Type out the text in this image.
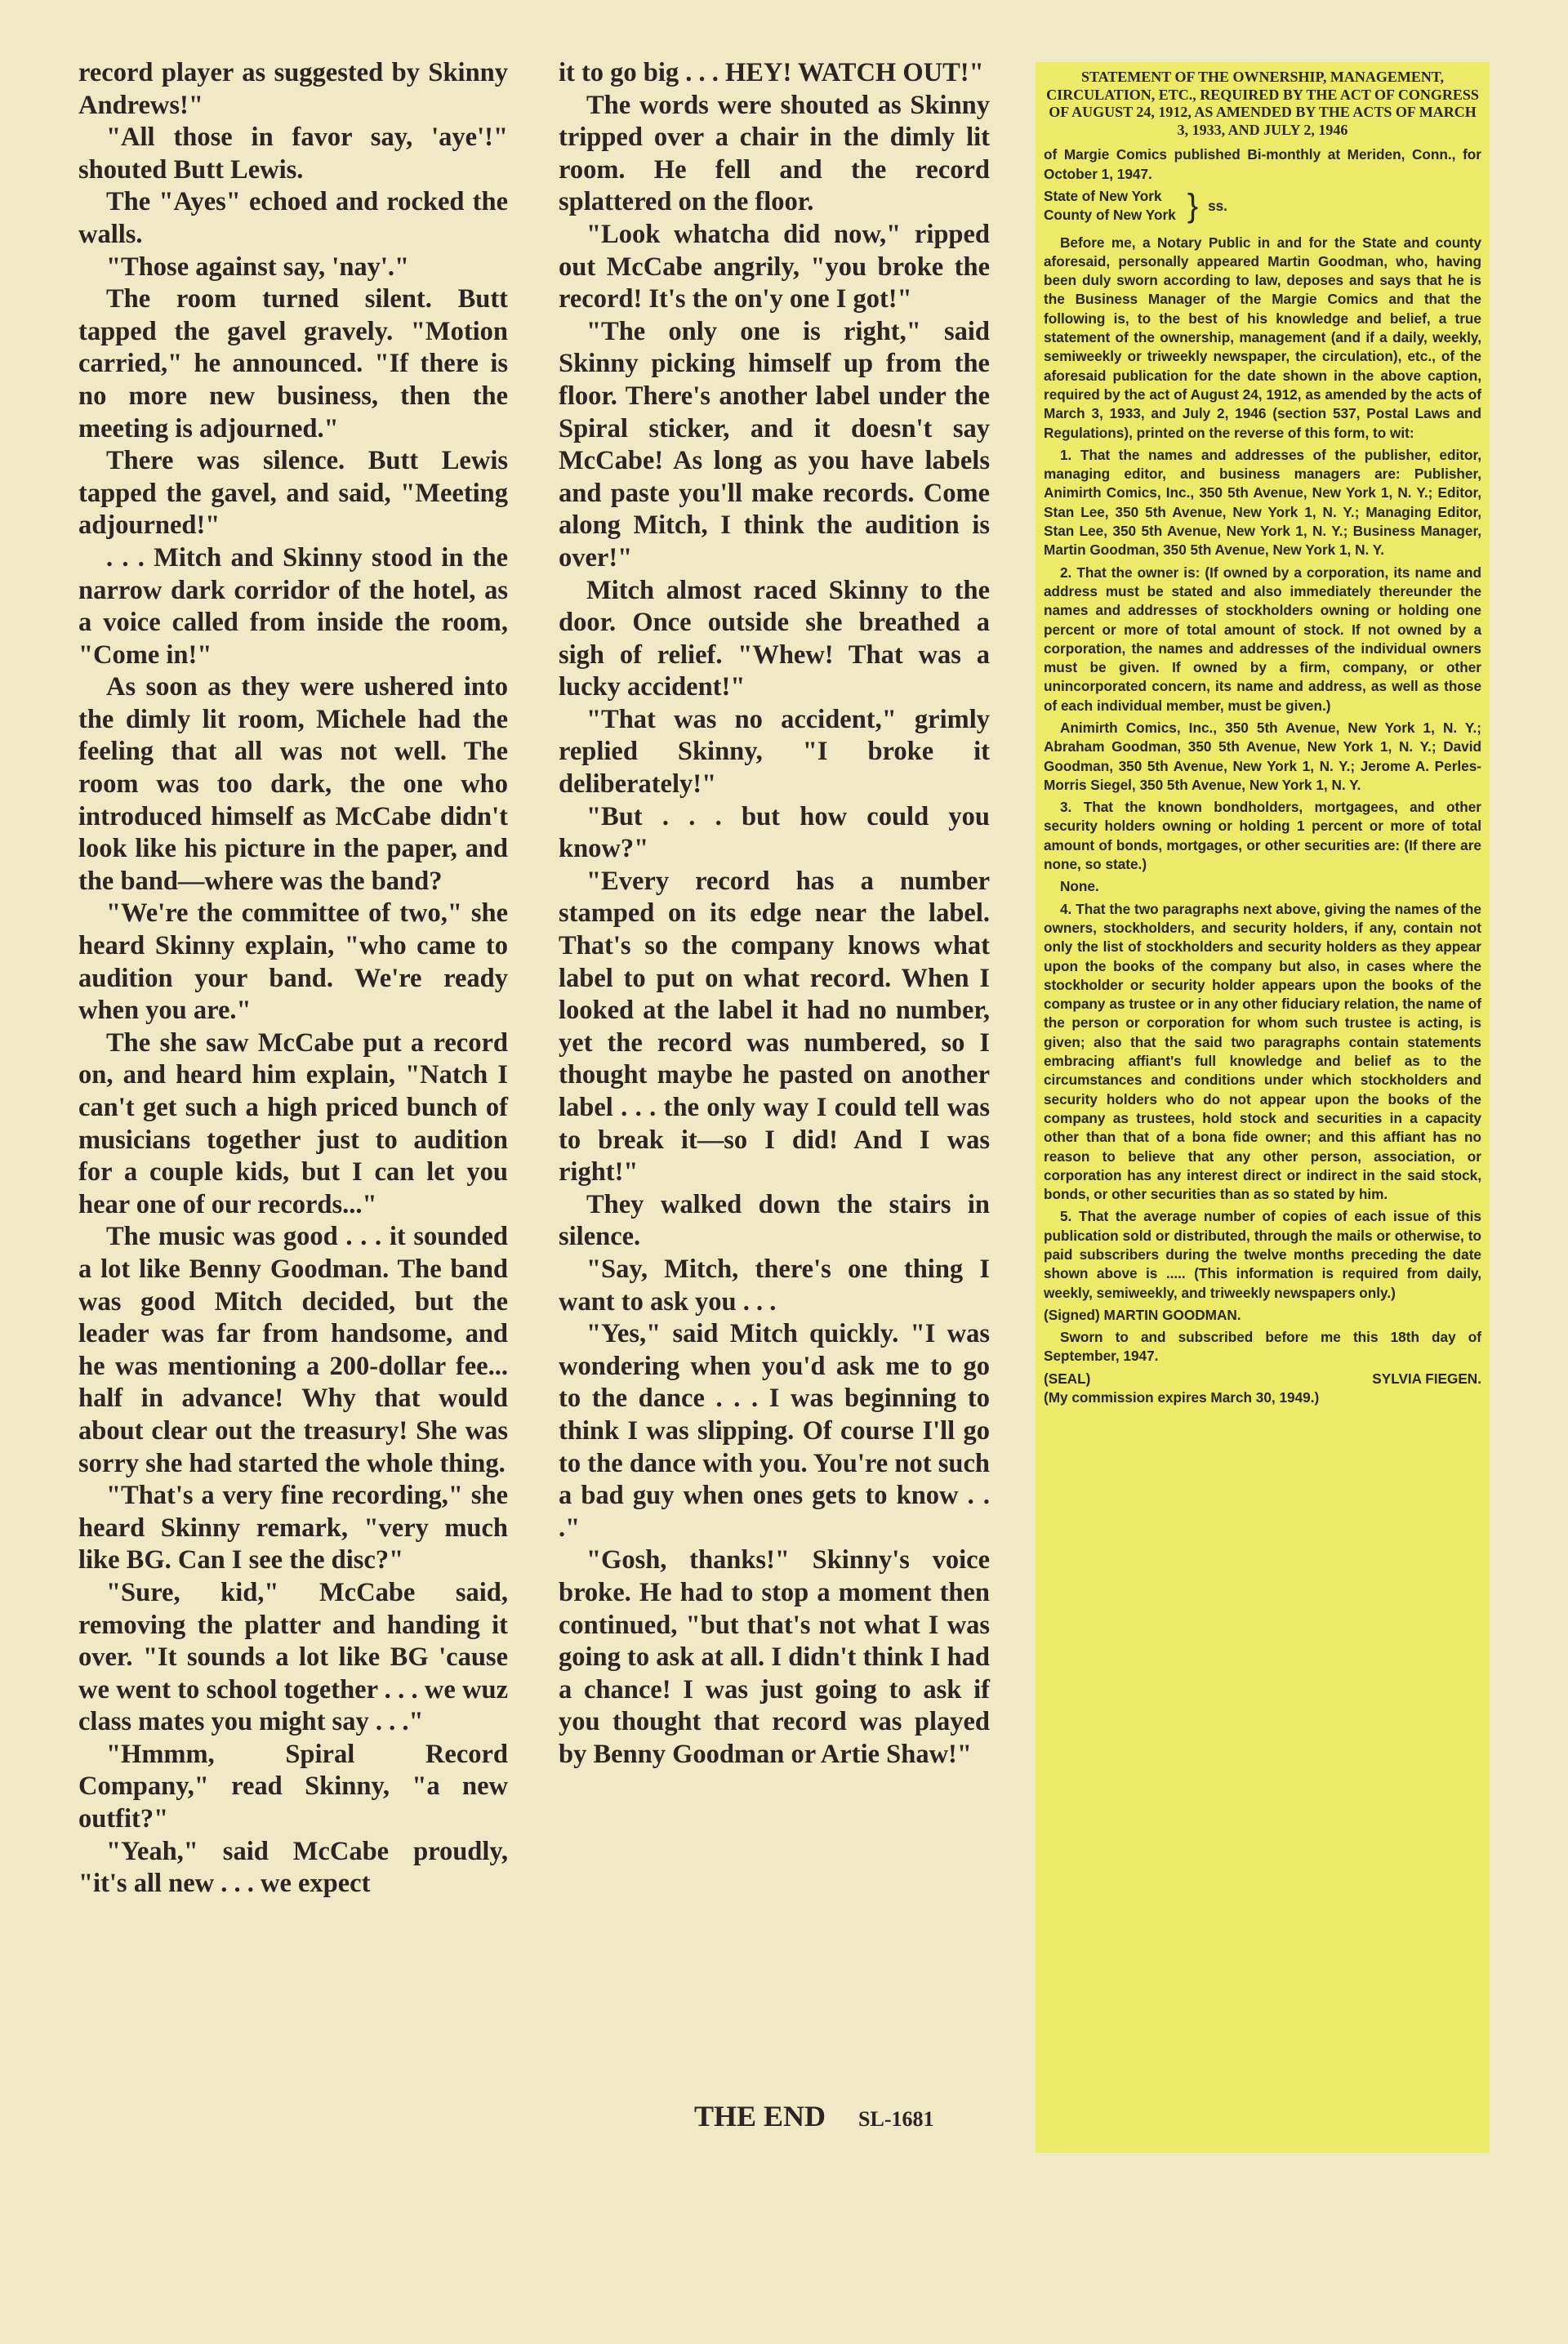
record player as suggested by Skinny Andrews!"

"All those in favor say, 'aye'!" shouted Butt Lewis.

The "Ayes" echoed and rocked the walls.

"Those against say, 'nay'."

The room turned silent. Butt tapped the gavel gravely. "Motion carried," he announced. "If there is no more new business, then the meeting is adjourned."

There was silence. Butt Lewis tapped the gavel, and said, "Meeting adjourned!"

. . . Mitch and Skinny stood in the narrow dark corridor of the hotel, as a voice called from inside the room, "Come in!"

As soon as they were ushered into the dimly lit room, Michele had the feeling that all was not well. The room was too dark, the one who introduced himself as McCabe didn't look like his picture in the paper, and the band—where was the band?

"We're the committee of two," she heard Skinny explain, "who came to audition your band. We're ready when you are."

The she saw McCabe put a record on, and heard him explain, "Natch I can't get such a high priced bunch of musicians together just to audition for a couple kids, but I can let you hear one of our records..."

The music was good . . . it sounded a lot like Benny Goodman. The band was good Mitch decided, but the leader was far from handsome, and he was mentioning a 200-dollar fee... half in advance! Why that would about clear out the treasury! She was sorry she had started the whole thing.

"That's a very fine recording," she heard Skinny remark, "very much like BG. Can I see the disc?"

"Sure, kid," McCabe said, removing the platter and handing it over. "It sounds a lot like BG 'cause we went to school together . . . we wuz class mates you might say . . ."

"Hmmm, Spiral Record Company," read Skinny, "a new outfit?"

"Yeah," said McCabe proudly, "it's all new . . . we expect

it to go big . . . HEY! WATCH OUT!"

The words were shouted as Skinny tripped over a chair in the dimly lit room. He fell and the record splattered on the floor.

"Look whatcha did now," ripped out McCabe angrily, "you broke the record! It's the on'y one I got!"

"The only one is right," said Skinny picking himself up from the floor. There's another label under the Spiral sticker, and it doesn't say McCabe! As long as you have labels and paste you'll make records. Come along Mitch, I think the audition is over!"

Mitch almost raced Skinny to the door. Once outside she breathed a sigh of relief. "Whew! That was a lucky accident!"

"That was no accident," grimly replied Skinny, "I broke it deliberately!"

"But . . . but how could you know?"

"Every record has a number stamped on its edge near the label. That's so the company knows what label to put on what record. When I looked at the label it had no number, yet the record was numbered, so I thought maybe he pasted on another label . . . the only way I could tell was to break it—so I did! And I was right!"

They walked down the stairs in silence.

"Say, Mitch, there's one thing I want to ask you . . .

"Yes," said Mitch quickly. "I was wondering when you'd ask me to go to the dance . . . I was beginning to think I was slipping. Of course I'll go to the dance with you. You're not such a bad guy when ones gets to know . . ."

"Gosh, thanks!" Skinny's voice broke. He had to stop a moment then continued, "but that's not what I was going to ask at all. I didn't think I had a chance! I was just going to ask if you thought that record was played by Benny Goodman or Artie Shaw!"

THE END SL-1681
STATEMENT OF THE OWNERSHIP, MANAGEMENT, CIRCULATION, ETC., REQUIRED BY THE ACT OF CONGRESS OF AUGUST 24, 1912, AS AMENDED BY THE ACTS OF MARCH 3, 1933, AND JULY 2, 1946

of Margie Comics published Bi-monthly at Meriden, Conn., for October 1, 1947.

State of New York
County of New York } ss.

Before me, a Notary Public in and for the State and county aforesaid, personally appeared Martin Goodman, who, having been duly sworn according to law, deposes and says that he is the Business Manager of the Margie Comics and that the following is, to the best of his knowledge and belief, a true statement of the ownership, management (and if a daily, weekly, semiweekly or triweekly newspaper, the circulation), etc., of the aforesaid publication for the date shown in the above caption, required by the act of August 24, 1912, as amended by the acts of March 3, 1933, and July 2, 1946 (section 537, Postal Laws and Regulations), printed on the reverse of this form, to wit:

1. That the names and addresses of the publisher, editor, managing editor, and business managers are: Publisher, Animirth Comics, Inc., 350 5th Avenue, New York 1, N. Y.; Editor, Stan Lee, 350 5th Avenue, New York 1, N. Y.; Managing Editor, Stan Lee, 350 5th Avenue, New York 1, N. Y.; Business Manager, Martin Goodman, 350 5th Avenue, New York 1, N. Y.

2. That the owner is: (If owned by a corporation, its name and address must be stated and also immediately thereunder the names and addresses of stockholders owning or holding one percent or more of total amount of stock. If not owned by a corporation, the names and addresses of the individual owners must be given. If owned by a firm, company, or other unincorporated concern, its name and address, as well as those of each individual member, must be given.)

Animirth Comics, Inc., 350 5th Avenue, New York 1, N. Y.; Abraham Goodman, 350 5th Avenue, New York 1, N. Y.; David Goodman, 350 5th Avenue, New York 1, N. Y.; Jerome A. Perles-Morris Siegel, 350 5th Avenue, New York 1, N. Y.

3. That the known bondholders, mortgagees, and other security holders owning or holding 1 percent or more of total amount of bonds, mortgages, or other securities are: (If there are none, so state.)

None.

4. That the two paragraphs next above, giving the names of the owners, stockholders, and security holders, if any, contain not only the list of stockholders and security holders as they appear upon the books of the company but also, in cases where the stockholder or security holder appears upon the books of the company as trustee or in any other fiduciary relation, the name of the person or corporation for whom such trustee is acting, is given; also that the said two paragraphs contain statements embracing affiant's full knowledge and belief as to the circumstances and conditions under which stockholders and security holders who do not appear upon the books of the company as trustees, hold stock and securities in a capacity other than that of a bona fide owner; and this affiant has no reason to believe that any other person, association, or corporation has any interest direct or indirect in the said stock, bonds, or other securities than as so stated by him.

5. That the average number of copies of each issue of this publication sold or distributed, through the mails or otherwise, to paid subscribers during the twelve months preceding the date shown above is ..... (This information is required from daily, weekly, semiweekly, and triweekly newspapers only.)

(Signed) MARTIN GOODMAN.

Sworn to and subscribed before me this 18th day of September, 1947.

(SEAL)	SYLVIA FIEGEN.

(My commission expires March 30, 1949.)
